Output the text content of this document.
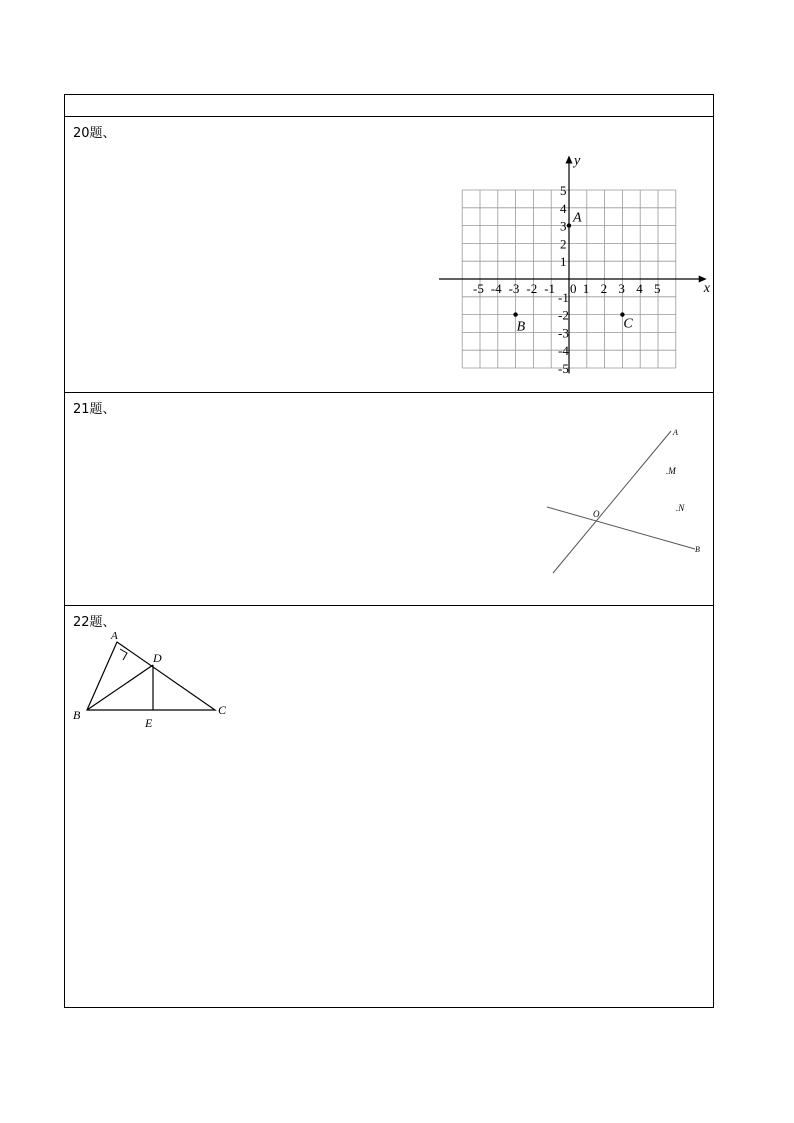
20题、
x
y
0
-5 -4 -3 -2 -1 1 2 3 4 5
5
4
3
2
1
-1
-2
-3
-4
-5
A
B	C
21题、
A
B
O
.M
.N
22题、
A
B	C
D
E
